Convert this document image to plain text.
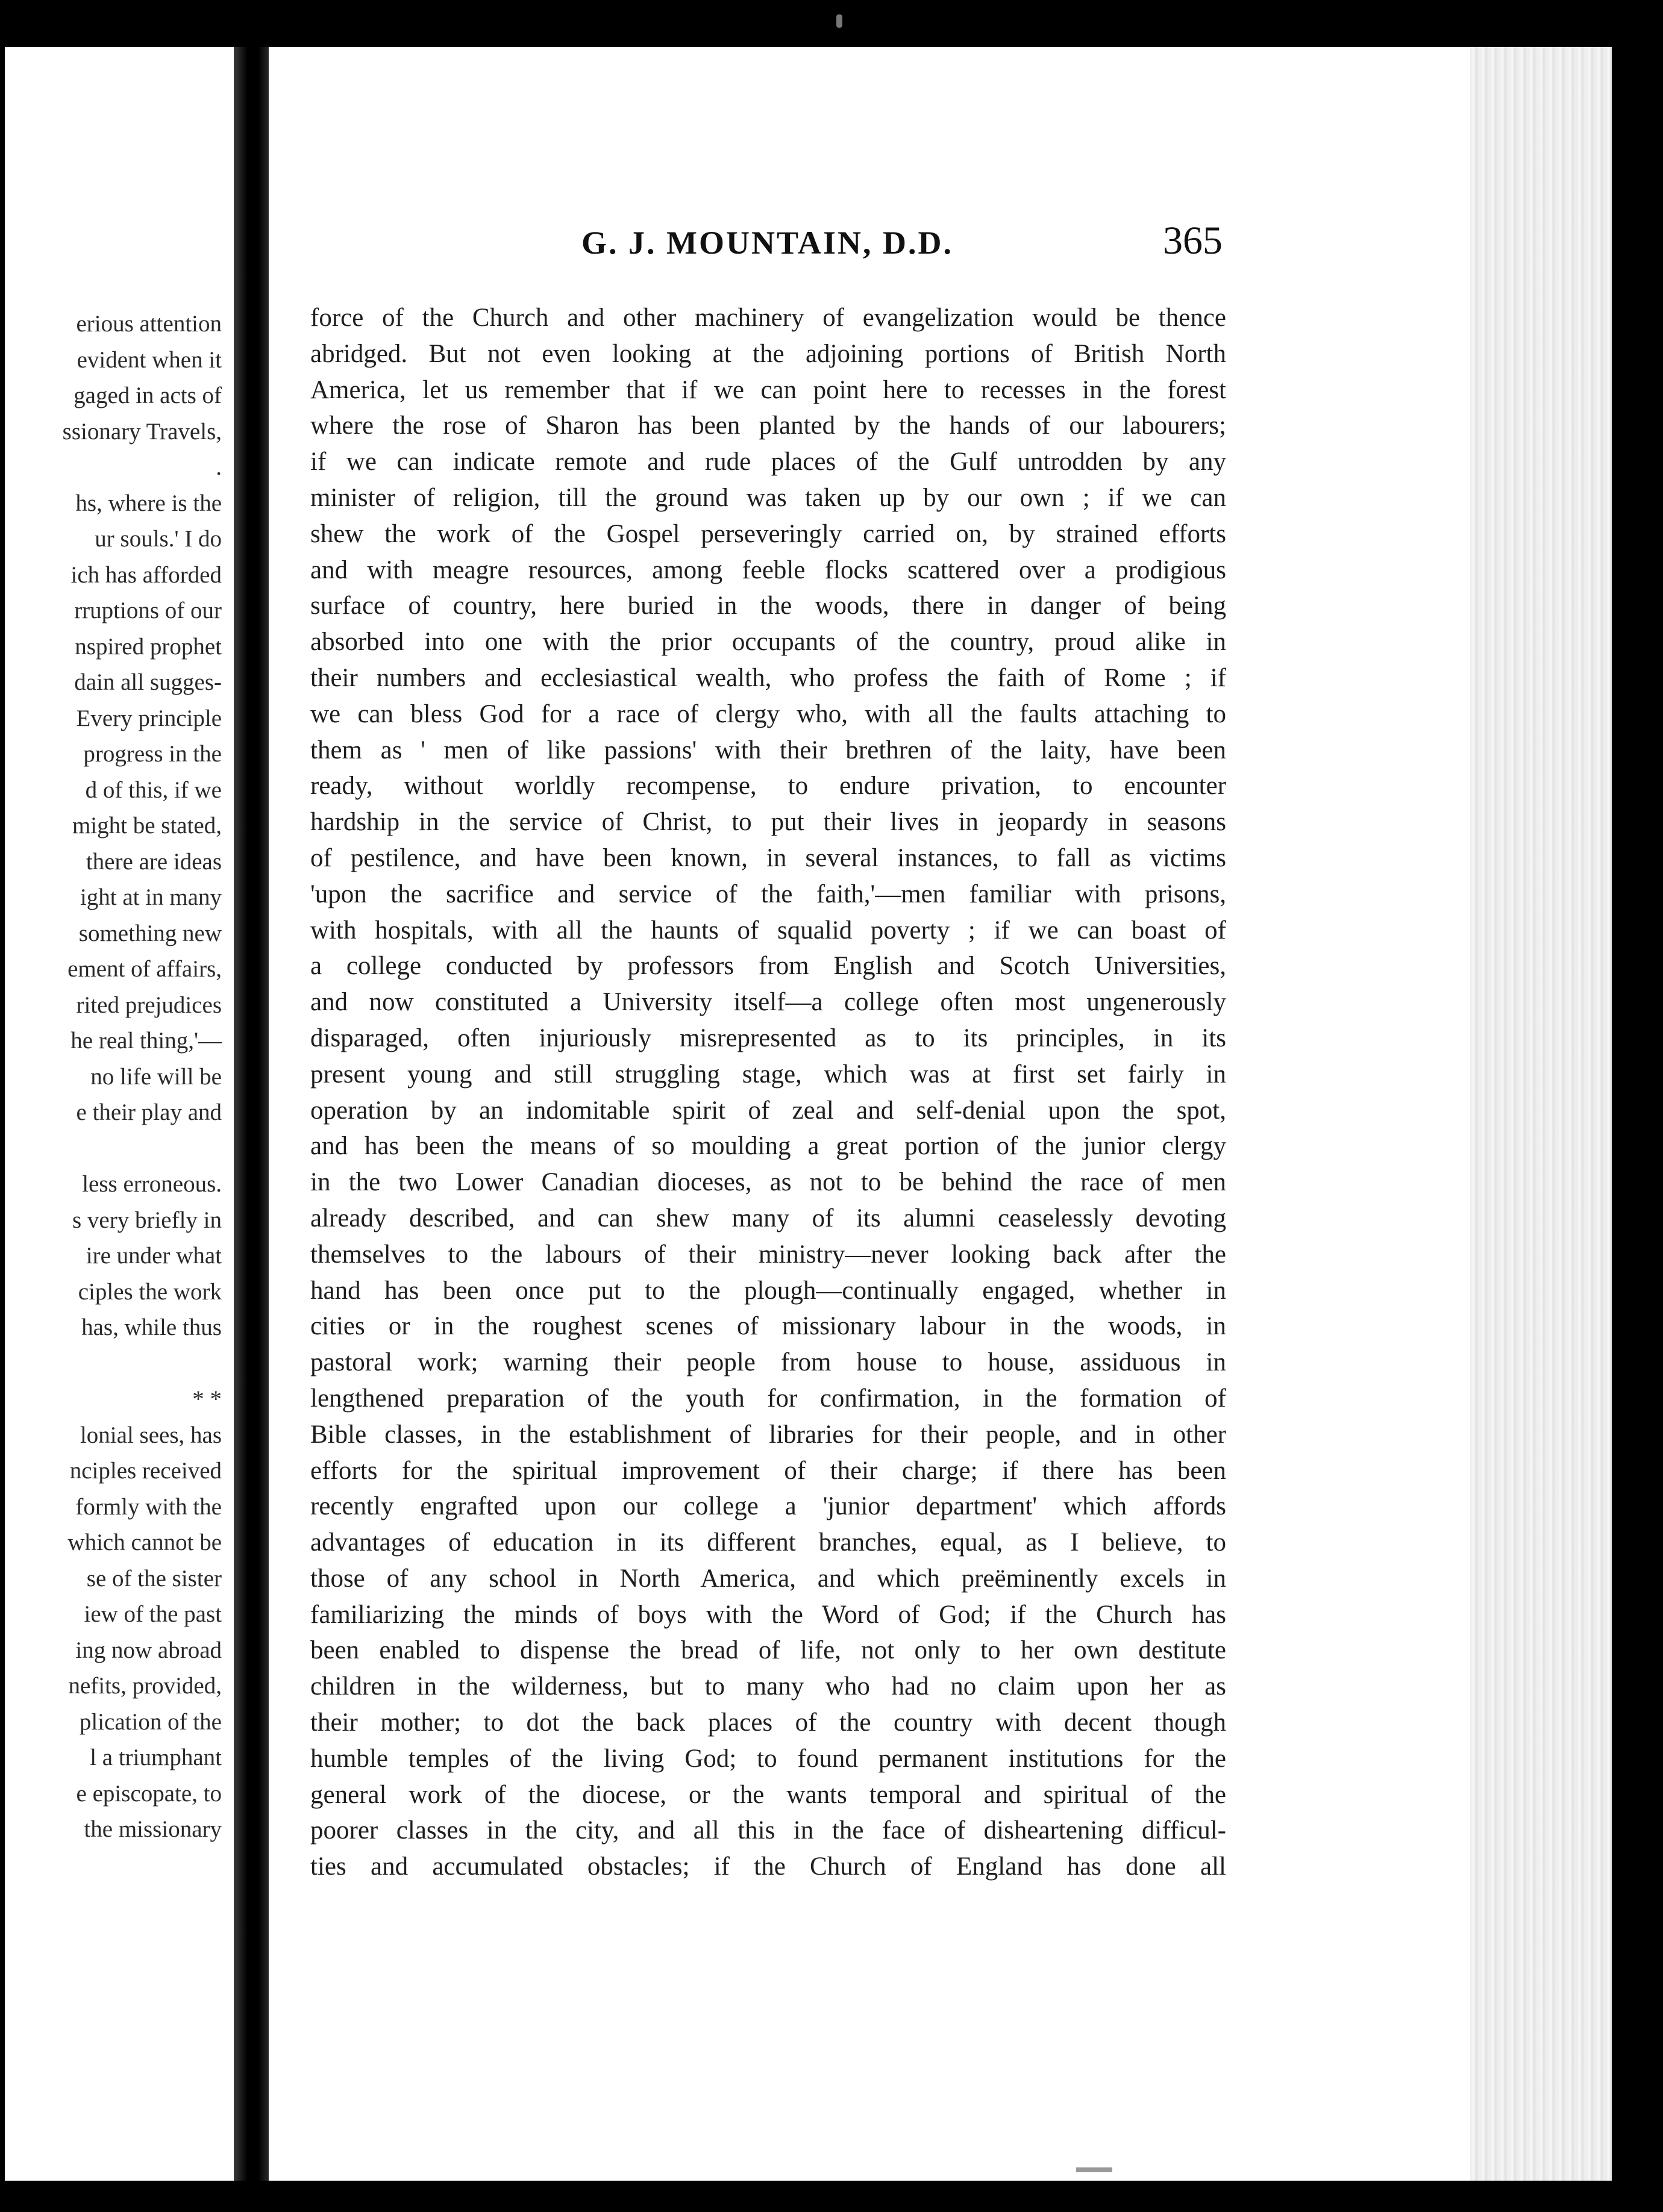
erious attention
evident when it
gaged in acts of
ssionary Travels,
.
hs, where is the
ur souls.' I do
ich has afforded
rruptions of our
nspired prophet
dain all sugges-
Every principle
progress in the
d of this, if we
might be stated,
there are ideas
ight at in many
something new
ement of affairs,
rited prejudices
he real thing,'—
no life will be
e their play and
less erroneous.
s very briefly in
ire under what
ciples the work
has, while thus
* *
lonial sees, has
nciples received
formly with the
which cannot be
se of the sister
iew of the past
ing now abroad
nefits, provided,
plication of the
l a triumphant
e episcopate, to
the missionary
G. J. MOUNTAIN, D.D.	365
force of the Church and other machinery of evangelization would be thence
abridged. But not even looking at the adjoining portions of British North
America, let us remember that if we can point here to recesses in the forest
where the rose of Sharon has been planted by the hands of our labourers;
if we can indicate remote and rude places of the Gulf untrodden by any
minister of religion, till the ground was taken up by our own ; if we can
shew the work of the Gospel perseveringly carried on, by strained efforts
and with meagre resources, among feeble flocks scattered over a prodigious
surface of country, here buried in the woods, there in danger of being
absorbed into one with the prior occupants of the country, proud alike in
their numbers and ecclesiastical wealth, who profess the faith of Rome ; if
we can bless God for a race of clergy who, with all the faults attaching to
them as ' men of like passions' with their brethren of the laity, have been
ready, without worldly recompense, to endure privation, to encounter
hardship in the service of Christ, to put their lives in jeopardy in seasons
of pestilence, and have been known, in several instances, to fall as victims
'upon the sacrifice and service of the faith,'—men familiar with prisons,
with hospitals, with all the haunts of squalid poverty ; if we can boast of
a college conducted by professors from English and Scotch Universities,
and now constituted a University itself—a college often most ungenerously
disparaged, often injuriously misrepresented as to its principles, in its
present young and still struggling stage, which was at first set fairly in
operation by an indomitable spirit of zeal and self-denial upon the spot,
and has been the means of so moulding a great portion of the junior clergy
in the two Lower Canadian dioceses, as not to be behind the race of men
already described, and can shew many of its alumni ceaselessly devoting
themselves to the labours of their ministry—never looking back after the
hand has been once put to the plough—continually engaged, whether in
cities or in the roughest scenes of missionary labour in the woods, in
pastoral work; warning their people from house to house, assiduous in
lengthened preparation of the youth for confirmation, in the formation of
Bible classes, in the establishment of libraries for their people, and in other
efforts for the spiritual improvement of their charge; if there has been
recently engrafted upon our college a 'junior department' which affords
advantages of education in its different branches, equal, as I believe, to
those of any school in North America, and which preëminently excels in
familiarizing the minds of boys with the Word of God; if the Church has
been enabled to dispense the bread of life, not only to her own destitute
children in the wilderness, but to many who had no claim upon her as
their mother; to dot the back places of the country with decent though
humble temples of the living God; to found permanent institutions for the
general work of the diocese, or the wants temporal and spiritual of the
poorer classes in the city, and all this in the face of disheartening difficul-
ties and accumulated obstacles; if the Church of England has done all
